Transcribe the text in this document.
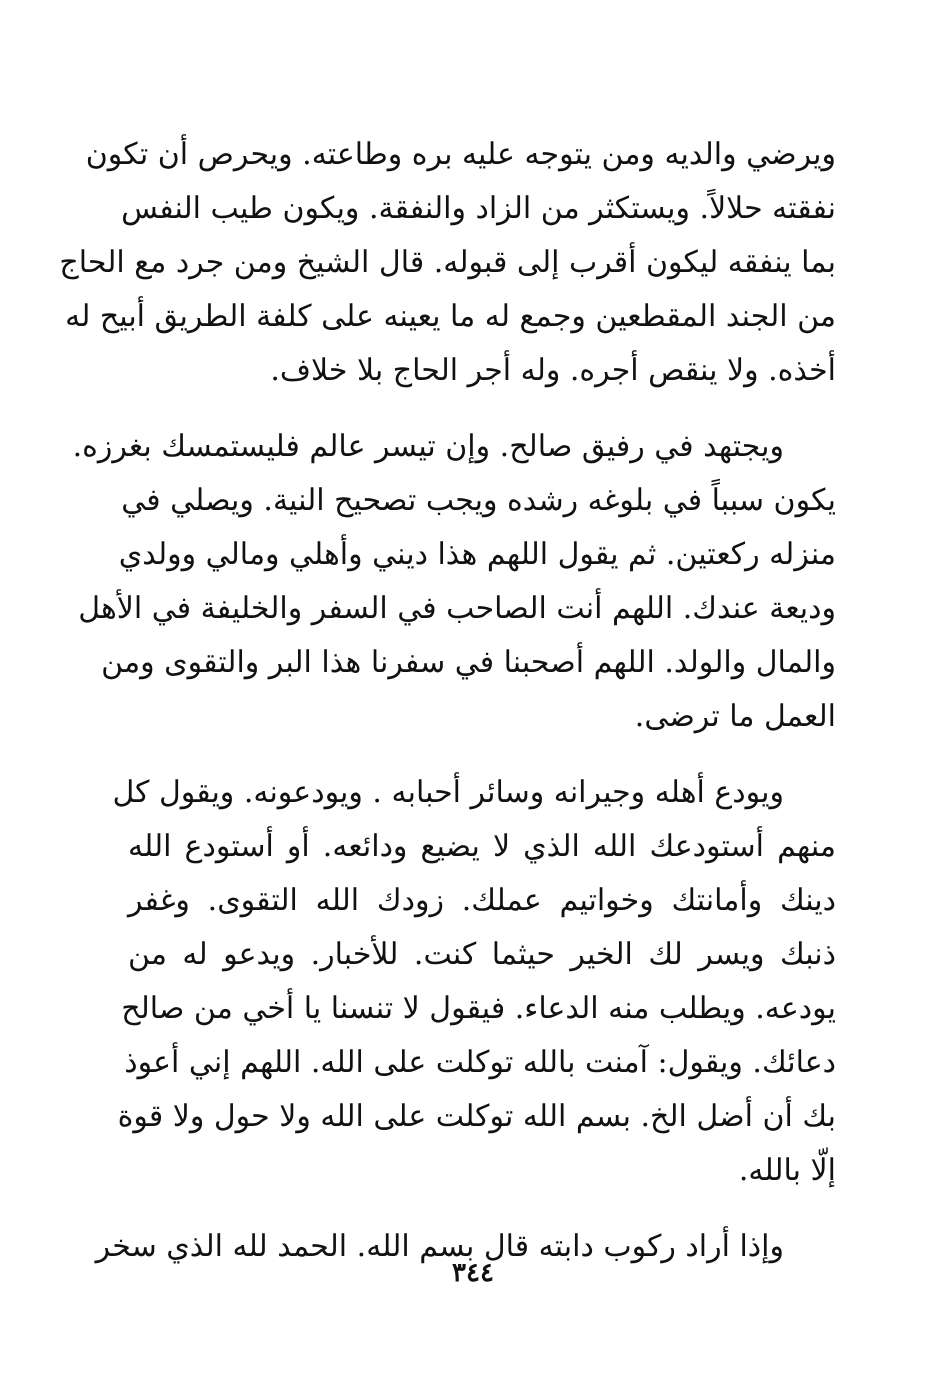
ويرضي والديه ومن يتوجه عليه بره وطاعته. ويحرص أن تكون
نفقته حلالاً. ويستكثر من الزاد والنفقة. ويكون طيب النفس
بما ينفقه ليكون أقرب إلى قبوله. قال الشيخ ومن جرد مع الحاج
من الجند المقطعين وجمع له ما يعينه على كلفة الطريق أبيح له
أخذه. ولا ينقص أجره. وله أجر الحاج بلا خلاف.
ويجتهد في رفيق صالح. وإن تيسر عالم فليستمسك بغرزه.
يكون سبباً في بلوغه رشده ويجب تصحيح النية. ويصلي في
منزله ركعتين. ثم يقول اللهم هذا ديني وأهلي ومالي وولدي
وديعة عندك. اللهم أنت الصاحب في السفر والخليفة في الأهل
والمال والولد. اللهم أصحبنا في سفرنا هذا البر والتقوى ومن
العمل ما ترضى.
ويودع أهله وجيرانه وسائر أحبابه . ويودعونه. ويقول كل
منهم أستودعك الله الذي لا يضيع ودائعه. أو أستودع الله
دينك وأمانتك وخواتيم عملك. زودك الله التقوى. وغفر
ذنبك ويسر لك الخير حيثما كنت. للأخبار. ويدعو له من
يودعه. ويطلب منه الدعاء. فيقول لا تنسنا يا أخي من صالح
دعائك. ويقول: آمنت بالله توكلت على الله. اللهم إني أعوذ
بك أن أضل الخ. بسم الله توكلت على الله ولا حول ولا قوة
إلّا بالله.
وإذا أراد ركوب دابته قال بسم الله. الحمد لله الذي سخر
٣٤٤
